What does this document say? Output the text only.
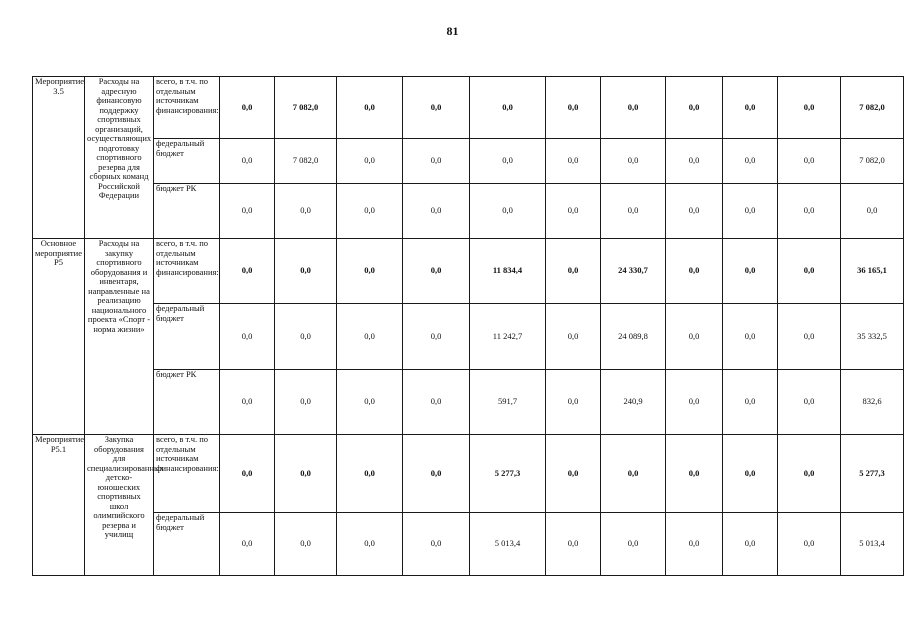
81
Мероприятие 3.5	Расходы на адресную финансовую поддержку спортивных организаций, осуществляющих подготовку спортивного резерва для сборных команд Российской Федерации	всего, в т.ч. по отдельным источникам финансирования:	0,0	7 082,0	0,0	0,0	0,0	0,0	0,0	0,0	0,0	0,0	7 082,0
		федеральный бюджет	0,0	7 082,0	0,0	0,0	0,0	0,0	0,0	0,0	0,0	0,0	7 082,0
		бюджет РК	0,0	0,0	0,0	0,0	0,0	0,0	0,0	0,0	0,0	0,0	0,0
Основное мероприятие Р5	Расходы на закупку спортивного оборудования и инвентаря, направленные на реализацию национального проекта «Спорт - норма жизни»	всего, в т.ч. по отдельным источникам финансирования:	0,0	0,0	0,0	0,0	11 834,4	0,0	24 330,7	0,0	0,0	0,0	36 165,1
		федеральный бюджет	0,0	0,0	0,0	0,0	11 242,7	0,0	24 089,8	0,0	0,0	0,0	35 332,5
		бюджет РК	0,0	0,0	0,0	0,0	591,7	0,0	240,9	0,0	0,0	0,0	832,6
Мероприятие Р5.1	Закупка оборудования для специализированных детско-юношеских спортивных школ олимпийского резерва и училищ	всего, в т.ч. по отдельным источникам финансирования:	0,0	0,0	0,0	0,0	5 277,3	0,0	0,0	0,0	0,0	0,0	5 277,3
		федеральный бюджет	0,0	0,0	0,0	0,0	5 013,4	0,0	0,0	0,0	0,0	0,0	5 013,4
